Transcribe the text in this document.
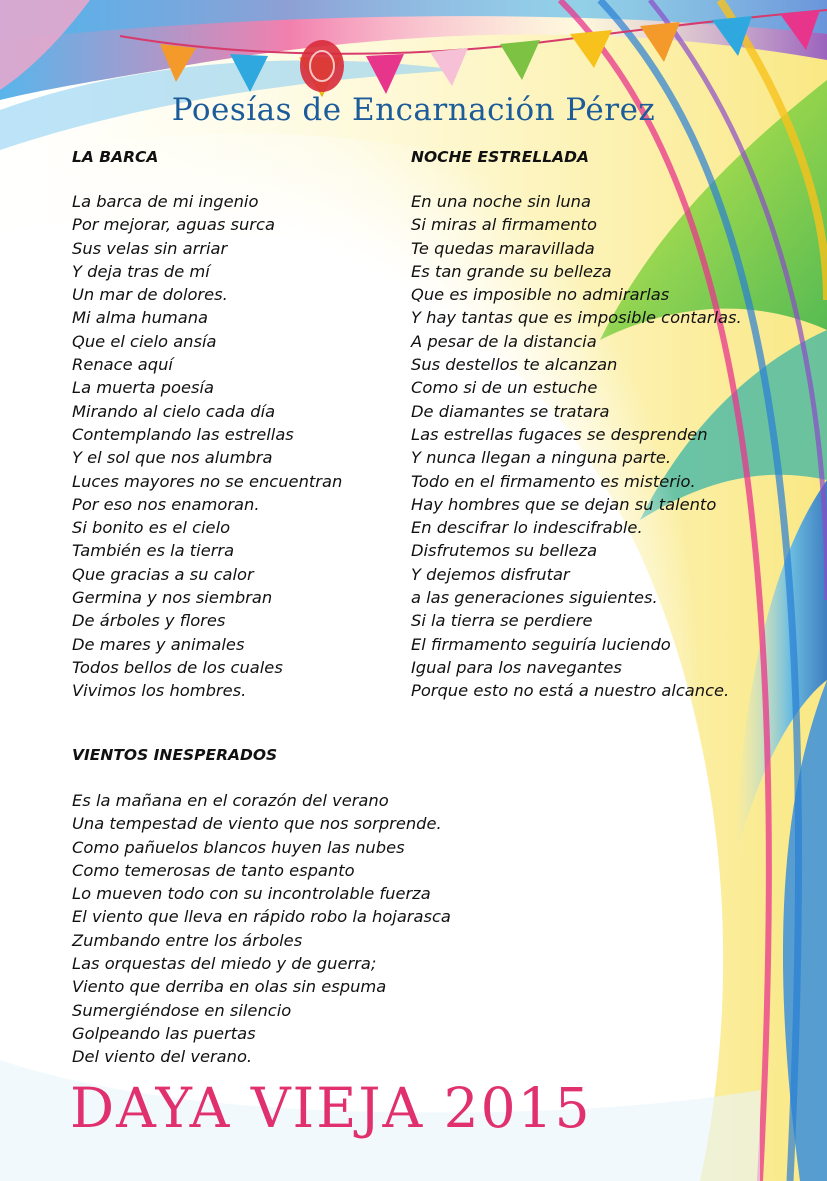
Poesías de Encarnación Pérez
LA BARCA
La barca de mi ingenio
Por mejorar, aguas surca
Sus velas sin arriar
Y deja tras de mí
Un mar de dolores.
Mi alma humana
Que el cielo ansía
Renace aquí
La muerta poesía
Mirando al cielo cada día
Contemplando las estrellas
Y el sol que nos alumbra
Luces mayores no se encuentran
Por eso nos enamoran.
Si bonito es el cielo
También es la tierra
Que gracias a su calor
Germina y nos siembran
De árboles y flores
De mares y animales
Todos bellos de los cuales
Vivimos los hombres.
NOCHE ESTRELLADA
En una noche sin luna
Si miras al firmamento
Te quedas maravillada
Es tan grande su belleza
Que es imposible no admirarlas
Y hay tantas que es imposible contarlas.
A pesar de la distancia
Sus destellos te alcanzan
Como si de un estuche
De diamantes se tratara
Las estrellas fugaces se desprenden
Y nunca llegan a ninguna parte.
Todo en el firmamento es misterio.
Hay hombres que se dejan su talento
En descifrar lo indescifrable.
Disfrutemos su belleza
Y dejemos disfrutar
a las generaciones siguientes.
Si la tierra se perdiere
El firmamento seguiría luciendo
Igual para los navegantes
Porque esto no está a nuestro alcance.
VIENTOS INESPERADOS
Es la mañana en el corazón del verano
Una tempestad de viento que nos sorprende.
Como pañuelos blancos huyen las nubes
Como temerosas de tanto espanto
Lo mueven todo con su incontrolable fuerza
El viento que lleva en rápido robo la hojarasca
Zumbando entre los árboles
Las orquestas del miedo y de guerra;
Viento que derriba en olas sin espuma
Sumergiéndose en silencio
Golpeando las puertas
Del viento del verano.
DAYA VIEJA 2015
